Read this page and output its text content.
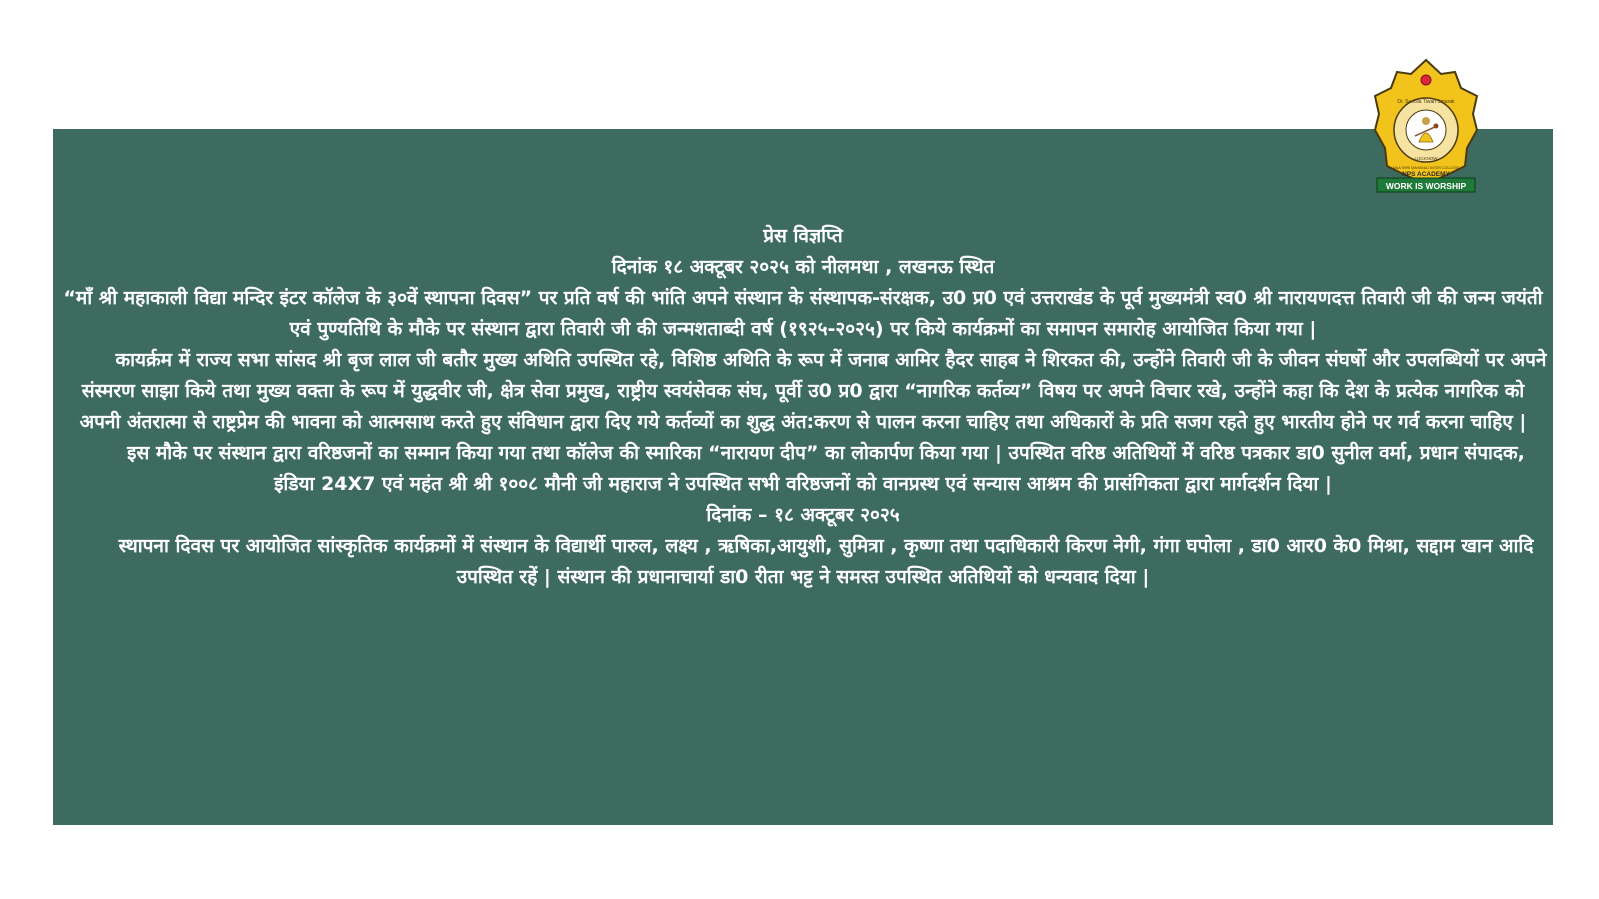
प्रेस विज्ञप्ति

दिनांक १८ अक्टूबर २०२५ को नीलमथा , लखनऊ स्थित

“माँ श्री महाकाली विद्या मन्दिर इंटर कॉलेज के ३०वें स्थापना दिवस” पर प्रति वर्ष की भांति अपने संस्थान के संस्थापक-संरक्षक, उ0 प्र0 एवं उत्तराखंड के पूर्व मुख्यमंत्री स्व0 श्री नारायणदत्त तिवारी जी की जन्म जयंती एवं पुण्यतिथि के मौके पर संस्थान द्वारा तिवारी जी की जन्मशताब्दी वर्ष (१९२५-२०२५) पर किये कार्यक्रमों का समापन समारोह आयोजित किया गया |

कायर्क्रम में राज्य सभा सांसद श्री बृज लाल जी बतौर मुख्य अथिति उपस्थित रहे, विशिष्ठ अथिति के रूप में जनाब आमिर हैदर साहब ने शिरकत की, उन्होंने तिवारी जी के जीवन संघर्षो और उपलब्धियों पर अपने संस्मरण साझा किये तथा मुख्य वक्ता के रूप में युद्धवीर जी, क्षेत्र सेवा प्रमुख, राष्ट्रीय स्वयंसेवक संघ, पूर्वी उ0 प्र0 द्वारा “नागरिक कर्तव्य” विषय पर अपने विचार रखे, उन्होंने कहा कि देश के प्रत्येक नागरिक को अपनी अंतरात्मा से राष्ट्रप्रेम की भावना को आत्मसाथ करते हुए संविधान द्वारा दिए गये कर्तव्यों का शुद्ध अंत:करण से पालन करना चाहिए तथा अधिकारों के प्रति सजग रहते हुए भारतीय होने पर गर्व करना चाहिए |

इस मौके पर संस्थान द्वारा वरिष्ठजनों का सम्मान किया गया तथा कॉलेज की स्मारिका “नारायण दीप” का लोकार्पण किया गया | उपस्थित वरिष्ठ अतिथियों में वरिष्ठ पत्रकार डा0 सुनील वर्मा, प्रधान संपादक, इंडिया 24X7 एवं महंत श्री श्री १००८ मौनी जी महाराज ने उपस्थित सभी वरिष्ठजनों को वानप्रस्थ एवं सन्यास आश्रम की प्रासंगिकता द्वारा मार्गदर्शन दिया |

दिनांक – १८ अक्टूबर २०२५

स्थापना दिवस पर आयोजित सांस्कृतिक कार्यक्रमों में संस्थान के विद्यार्थी पारुल, लक्ष्य , ऋषिका,आयुशी, सुमित्रा , कृष्णा तथा पदाधिकारी किरण नेगी, गंगा घपोला , डा0 आर0 के0 मिश्रा, सद्दाम खान आदि उपस्थित रहें | संस्थान की प्रधानाचार्या डा0 रीता भट्ट ने समस्त उपस्थित अतिथियों को धन्यवाद दिया |

Dr. Sushila Tiwari Smarak
LUCKNOW
MAA SHRI MAHAKALI INTER COLLEGE
NPS ACADEMY
WORK IS WORSHIP
